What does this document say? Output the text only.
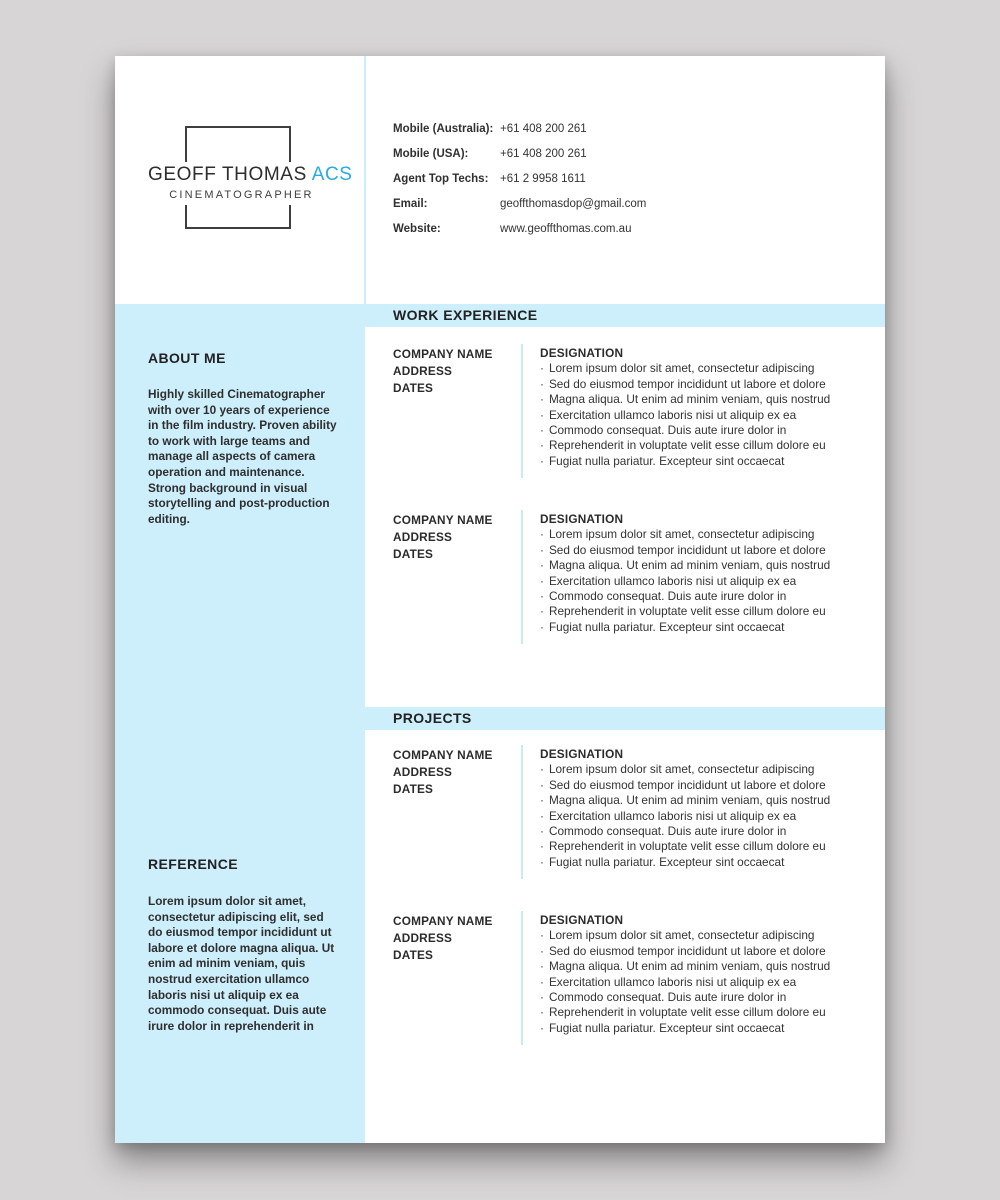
GEOFF THOMAS ACS
CINEMATOGRAPHER
Mobile (Australia): +61 408 200 261
Mobile (USA):	+61 408 200 261
Agent Top Techs:	+61 2 9958 1611
Email:	geoffthomasdop@gmail.com
Website:	www.geoffthomas.com.au
ABOUT ME
Highly skilled Cinematographer with over 10 years of experience in the film industry. Proven ability to work with large teams and manage all aspects of camera operation and maintenance. Strong background in visual storytelling and post-production editing.
REFERENCE
Lorem ipsum dolor sit amet, consectetur adipiscing elit, sed do eiusmod tempor incididunt ut labore et dolore magna aliqua. Ut enim ad minim veniam, quis nostrud exercitation ullamco laboris nisi ut aliquip ex ea commodo consequat. Duis aute irure dolor in reprehenderit in
WORK EXPERIENCE
COMPANY NAME
ADDRESS
DATES
DESIGNATION
· Lorem ipsum dolor sit amet, consectetur adipiscing
· Sed do eiusmod tempor incididunt ut labore et dolore
· Magna aliqua. Ut enim ad minim veniam, quis nostrud
· Exercitation ullamco laboris nisi ut aliquip ex ea
· Commodo consequat. Duis aute irure dolor in
· Reprehenderit in voluptate velit esse cillum dolore eu
· Fugiat nulla pariatur. Excepteur sint occaecat
COMPANY NAME
ADDRESS
DATES
DESIGNATION
· Lorem ipsum dolor sit amet, consectetur adipiscing
· Sed do eiusmod tempor incididunt ut labore et dolore
· Magna aliqua. Ut enim ad minim veniam, quis nostrud
· Exercitation ullamco laboris nisi ut aliquip ex ea
· Commodo consequat. Duis aute irure dolor in
· Reprehenderit in voluptate velit esse cillum dolore eu
· Fugiat nulla pariatur. Excepteur sint occaecat
PROJECTS
COMPANY NAME
ADDRESS
DATES
DESIGNATION
· Lorem ipsum dolor sit amet, consectetur adipiscing
· Sed do eiusmod tempor incididunt ut labore et dolore
· Magna aliqua. Ut enim ad minim veniam, quis nostrud
· Exercitation ullamco laboris nisi ut aliquip ex ea
· Commodo consequat. Duis aute irure dolor in
· Reprehenderit in voluptate velit esse cillum dolore eu
· Fugiat nulla pariatur. Excepteur sint occaecat
COMPANY NAME
ADDRESS
DATES
DESIGNATION
· Lorem ipsum dolor sit amet, consectetur adipiscing
· Sed do eiusmod tempor incididunt ut labore et dolore
· Magna aliqua. Ut enim ad minim veniam, quis nostrud
· Exercitation ullamco laboris nisi ut aliquip ex ea
· Commodo consequat. Duis aute irure dolor in
· Reprehenderit in voluptate velit esse cillum dolore eu
· Fugiat nulla pariatur. Excepteur sint occaecat
